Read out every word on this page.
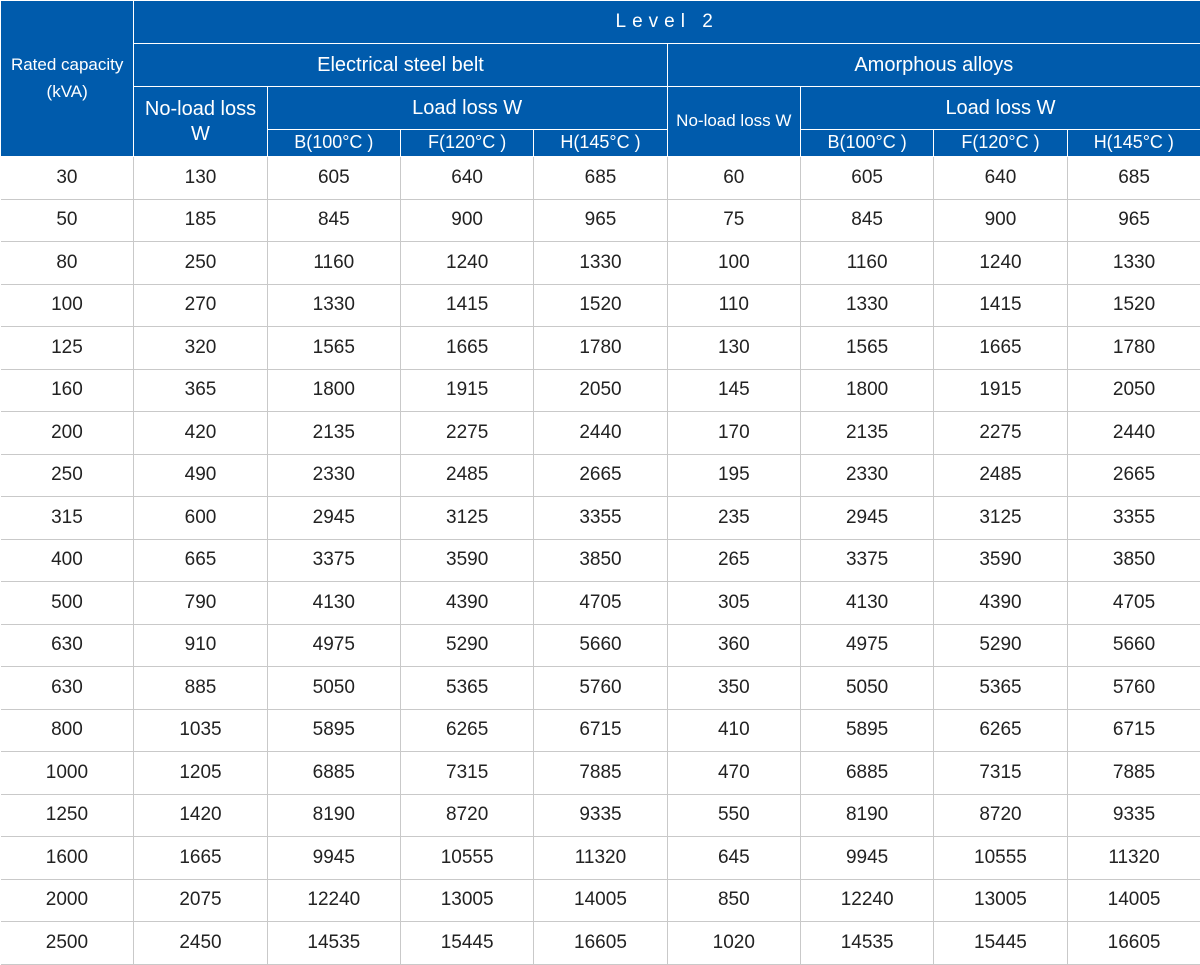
Rated capacity
(kVA)	Level 2							
	Electrical steel belt				Amorphous alloys			
	No-load loss
W	Load loss W			No-load loss W	Load loss W		
		B(100°C )	F(120°C )	H(145°C )		B(100°C )	F(120°C )	H(145°C )
30	130	605	640	685	60	605	640	685
50	185	845	900	965	75	845	900	965
80	250	1160	1240	1330	100	1160	1240	1330
100	270	1330	1415	1520	110	1330	1415	1520
125	320	1565	1665	1780	130	1565	1665	1780
160	365	1800	1915	2050	145	1800	1915	2050
200	420	2135	2275	2440	170	2135	2275	2440
250	490	2330	2485	2665	195	2330	2485	2665
315	600	2945	3125	3355	235	2945	3125	3355
400	665	3375	3590	3850	265	3375	3590	3850
500	790	4130	4390	4705	305	4130	4390	4705
630	910	4975	5290	5660	360	4975	5290	5660
630	885	5050	5365	5760	350	5050	5365	5760
800	1035	5895	6265	6715	410	5895	6265	6715
1000	1205	6885	7315	7885	470	6885	7315	7885
1250	1420	8190	8720	9335	550	8190	8720	9335
1600	1665	9945	10555	11320	645	9945	10555	11320
2000	2075	12240	13005	14005	850	12240	13005	14005
2500	2450	14535	15445	16605	1020	14535	15445	16605
